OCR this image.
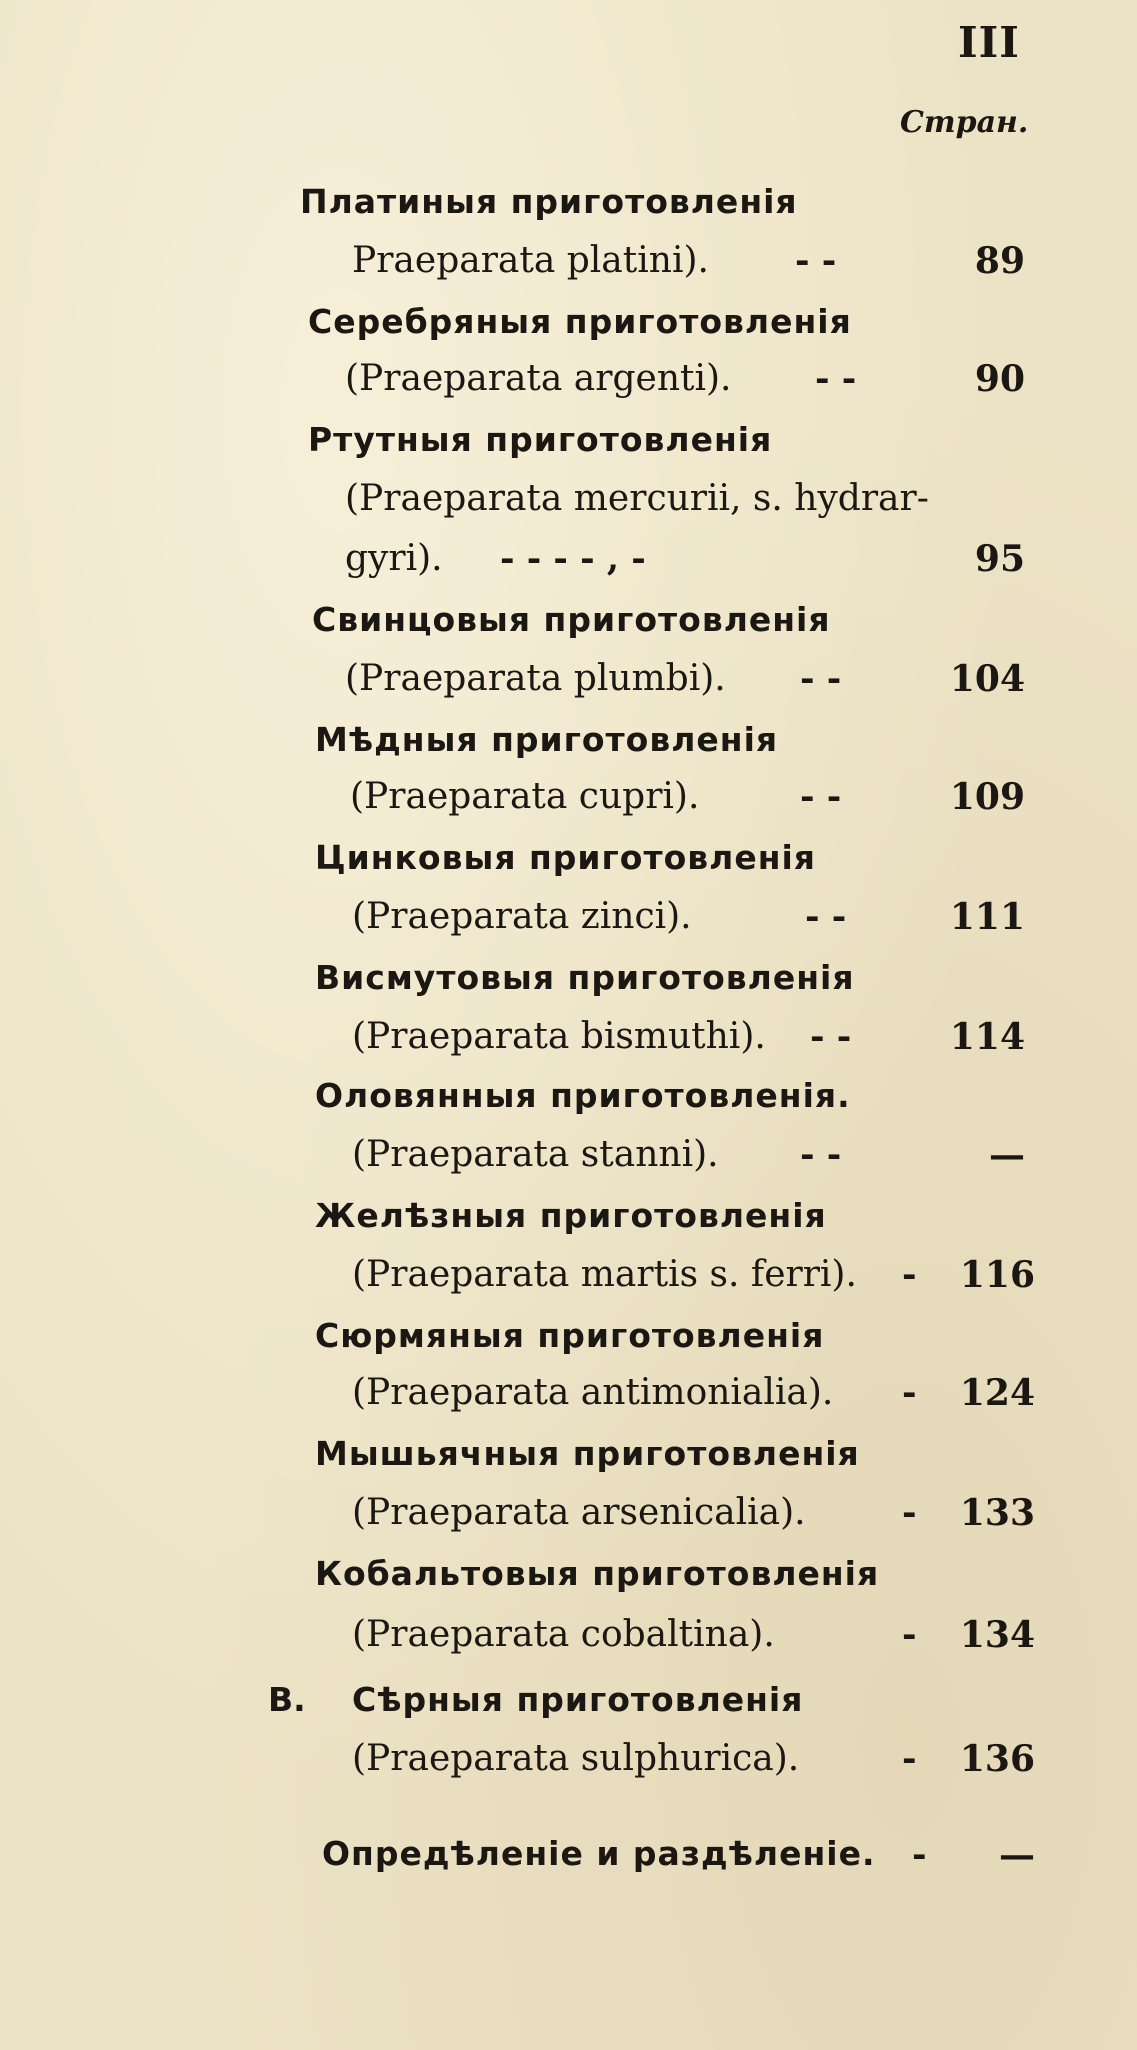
III
Стран.
Платиныя приготовленія
Praeparata platini). - -	89
Серебряныя приготовленія
(Praeparata argenti). - -	90
Ртутныя приготовленія
(Praeparata mercurii, s. hydrar-
gyri). - - - - , -	95
Свинцовыя приготовленія
(Praeparata plumbi). - -	104
Мѣдныя приготовленія
(Praeparata cupri).	- -	109
Цинковыя приготовленія
(Praeparata zinci).	- -	111
Висмутовыя приготовленія
(Praeparata bismuthi). - -	114
Оловянныя приготовленія.
(Praeparata stanni). - -	—
Желѣзныя приготовленія
(Praeparata martis s. ferri). -	116
Сюрмяныя приготовленія
(Praeparata antimonialia). -	124
Мышьячныя приготовленія
(Praeparata arsenicalia).	-	133
Кобальтовыя приготовленія
(Praeparata cobaltina).	-	134
B. Сѣрныя приготовленія
(Praeparata sulphurica).	-	136
Опредѣленіе и раздѣленіе. -	—
